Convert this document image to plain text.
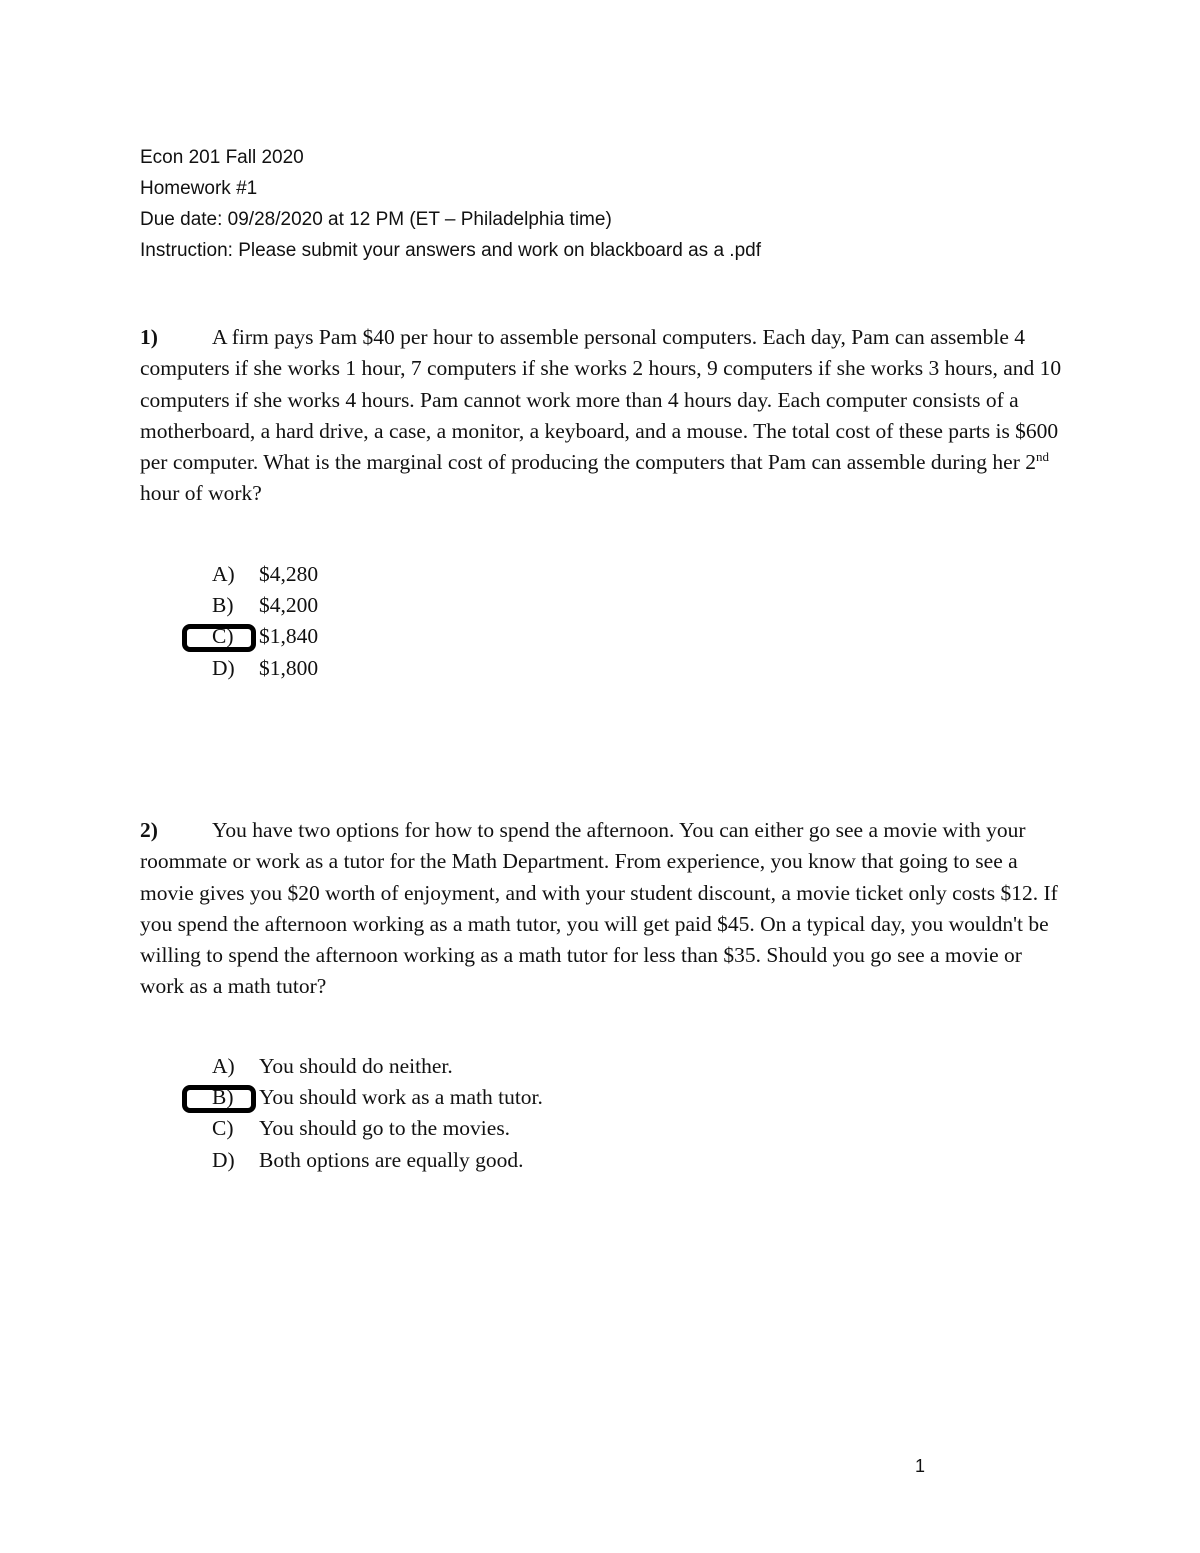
Econ 201 Fall 2020
Homework #1
Due date: 09/28/2020 at 12 PM (ET – Philadelphia time)
Instruction: Please submit your answers and work on blackboard as a .pdf
1)	A firm pays Pam $40 per hour to assemble personal computers. Each day, Pam can assemble 4 computers if she works 1 hour, 7 computers if she works 2 hours, 9 computers if she works 3 hours, and 10 computers if she works 4 hours. Pam cannot work more than 4 hours day. Each computer consists of a motherboard, a hard drive, a case, a monitor, a keyboard, and a mouse. The total cost of these parts is $600 per computer. What is the marginal cost of producing the computers that Pam can assemble during her 2nd hour of work?
A) $4,280
B) $4,200
C) $1,840
D) $1,800
2)	You have two options for how to spend the afternoon. You can either go see a movie with your roommate or work as a tutor for the Math Department. From experience, you know that going to see a movie gives you $20 worth of enjoyment, and with your student discount, a movie ticket only costs $12. If you spend the afternoon working as a math tutor, you will get paid $45. On a typical day, you wouldn't be willing to spend the afternoon working as a math tutor for less than $35. Should you go see a movie or work as a math tutor?
A) You should do neither.
B) You should work as a math tutor.
C) You should go to the movies.
D) Both options are equally good.
1
